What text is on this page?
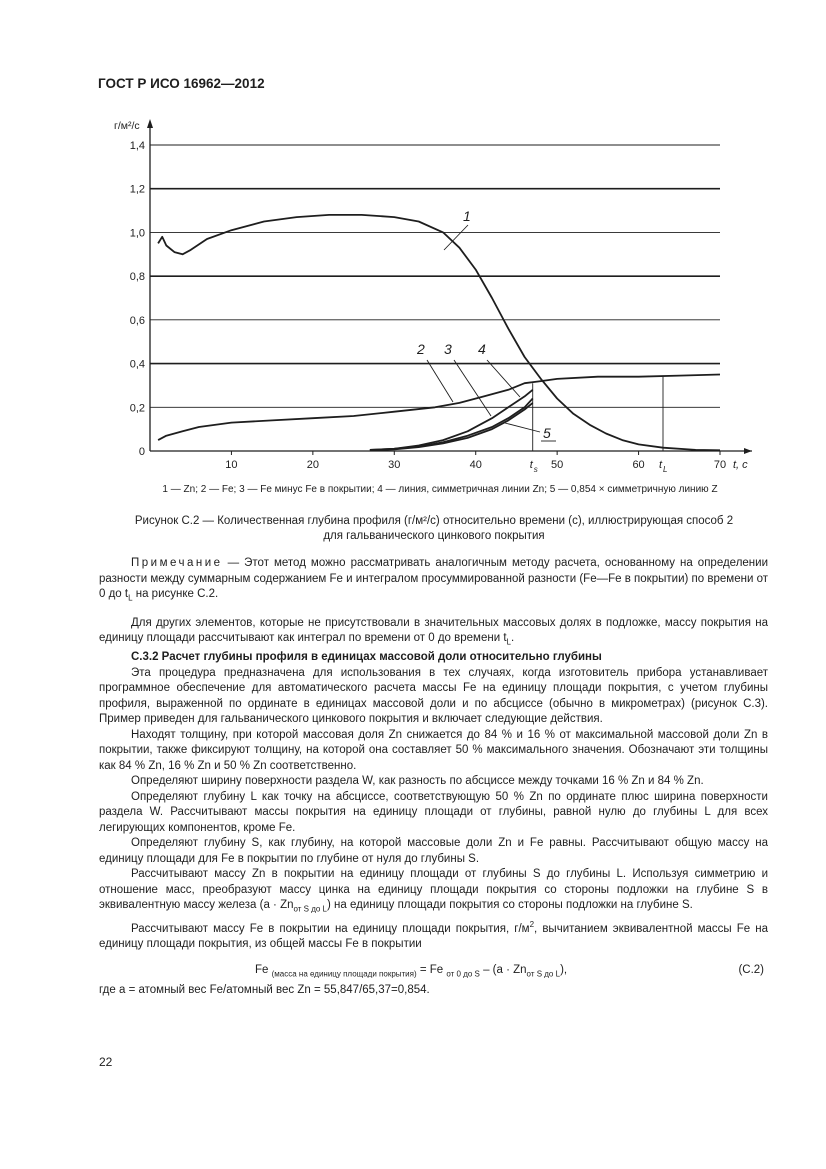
ГОСТ Р ИСО 16962—2012
0
0,2
0,4
0,6
0,8
1,0
1,2
1,4
10	20	30	40	50	60	70
г/м²/с
t, с
t s	t L
1
2 3 4
5
1 — Zn; 2 — Fe; 3 — Fe минус Fe в покрытии; 4 — линия, симметричная линии Zn; 5 — 0,854 × симметричную линию Z
Рисунок С.2 — Количественная глубина профиля (г/м²/с) относительно времени (с), иллюстрирующая способ 2
для гальванического цинкового покрытия

Примечание — Этот метод можно рассматривать аналогичным методу расчета, основанному на определении разности между суммарным содержанием Fe и интегралом просуммированной разности (Fe—Fe в покрытии) по времени от 0 до $t_L$ на рисунке С.2.

Для других элементов, которые не присутствовали в значительных массовых долях в подложке, массу покрытия на единицу площади рассчитывают как интеграл по времени от 0 до времени $t_L$.

С.3.2 Расчет глубины профиля в единицах массовой доли относительно глубины

Эта процедура предназначена для использования в тех случаях, когда изготовитель прибора устанавливает программное обеспечение для автоматического расчета массы Fe на единицу площади покрытия, с учетом глубины профиля, выраженной по ординате в единицах массовой доли и по абсциссе (обычно в микрометрах) (рисунок С.3). Пример приведен для гальванического цинкового покрытия и включает следующие действия.

Находят толщину, при которой массовая доля Zn снижается до 84 % и 16 % от максимальной массовой доли Zn в покрытии, также фиксируют толщину, на которой она составляет 50 % максимального значения. Обозначают эти толщины как 84 % Zn, 16 % Zn и 50 % Zn соответственно.

Определяют ширину поверхности раздела W, как разность по абсциссе между точками 16 % Zn и 84 % Zn.

Определяют глубину L как точку на абсциссе, соответствующую 50 % Zn по ординате плюс ширина поверхности раздела W. Рассчитывают массы покрытия на единицу площади от глубины, равной нулю до глубины L для всех легирующих компонентов, кроме Fe.

Определяют глубину S, как глубину, на которой массовые доли Zn и Fe равны. Рассчитывают общую массу на единицу площади для Fe в покрытии по глубине от нуля до глубины S.

Рассчитывают массу Zn в покрытии на единицу площади от глубины S до глубины L. Используя симметрию и отношение масс, преобразуют массу цинка на единицу площади покрытия со стороны подложки на глубине S в эквивалентную массу железа $(a \cdot Zn_{от S до L})$ на единицу площади покрытия со стороны подложки на глубине S.

Рассчитывают массу Fe в покрытии на единицу площади покрытия, $г/м^2$, вычитанием эквивалентной массы Fe на единицу площади покрытия, из общей массы Fe в покрытии

Fe $_{(масса на единицу площади покрытия)}$ = Fe $_{от 0 до S} - (a \cdot Zn_{от S до L})$,	(С.2)

где a = атомный вес Fe/атомный вес Zn = 55,847/65,37=0,854.

22
